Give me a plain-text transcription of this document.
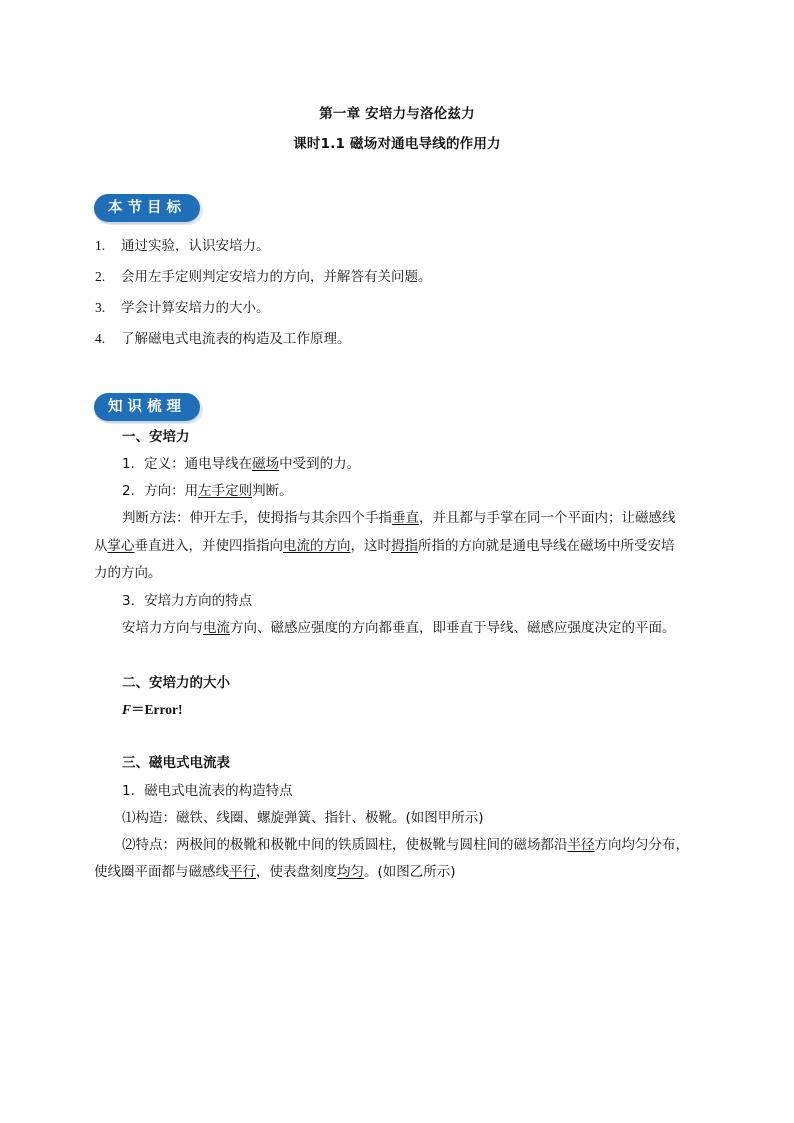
第一章 安培力与洛伦兹力
课时1.1 磁场对通电导线的作用力
本节目标
1. 通过实验，认识安培力。
2. 会用左手定则判定安培力的方向，并解答有关问题。
3. 学会计算安培力的大小。
4. 了解磁电式电流表的构造及工作原理。
知识梳理
一、安培力
1．定义：通电导线在磁场中受到的力。
2．方向：用左手定则判断。
判断方法：伸开左手，使拇指与其余四个手指垂直，并且都与手掌在同一个平面内；让磁感线
从掌心垂直进入，并使四指指向电流的方向，这时拇指所指的方向就是通电导线在磁场中所受安培
力的方向。
3．安培力方向的特点
安培力方向与电流方向、磁感应强度的方向都垂直，即垂直于导线、磁感应强度决定的平面。
二、安培力的大小
F＝Error!
三、磁电式电流表
1．磁电式电流表的构造特点
⑴构造：磁铁、线圈、螺旋弹簧、指针、极靴。(如图甲所示)
⑵特点：两极间的极靴和极靴中间的铁质圆柱，使极靴与圆柱间的磁场都沿半径方向均匀分布，
使线圈平面都与磁感线平行，使表盘刻度均匀。(如图乙所示)
